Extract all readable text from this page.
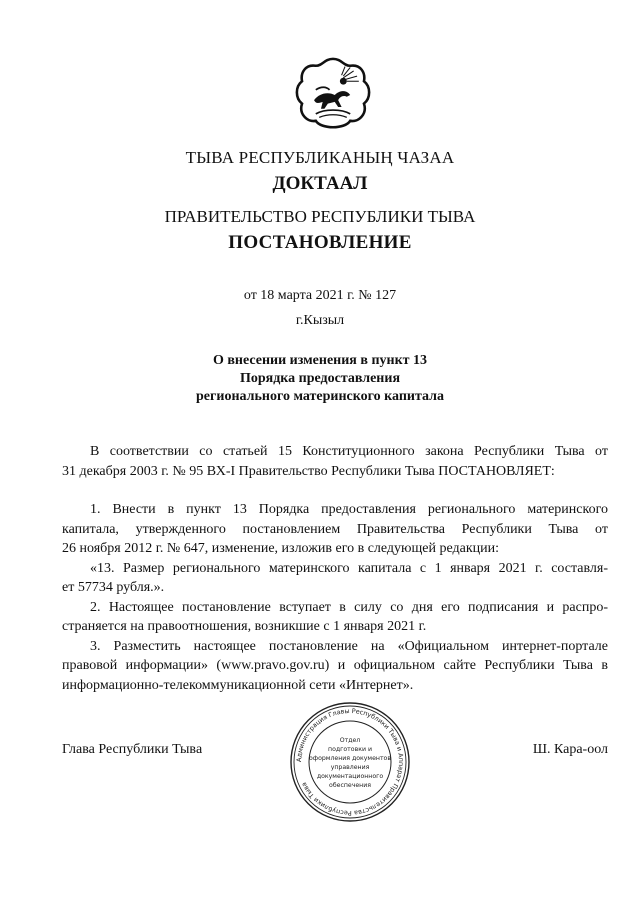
ТЫВА РЕСПУБЛИКАНЫҢ ЧАЗАА
ДОКТААЛ
ПРАВИТЕЛЬСТВО РЕСПУБЛИКИ ТЫВА
ПОСТАНОВЛЕНИЕ
от 18 марта 2021 г. № 127
г.Кызыл
О внесении изменения в пункт 13
Порядка предоставления
регионального материнского капитала
В соответствии со статьей 15 Конституционного закона Республики Тыва от
31 декабря 2003 г. № 95 ВХ-I Правительство Республики Тыва ПОСТАНОВЛЯЕТ:
1. Внести в пункт 13 Порядка предоставления регионального материнского
капитала, утвержденного постановлением Правительства Республики Тыва от
26 ноября 2012 г. № 647, изменение, изложив его в следующей редакции:
«13. Размер регионального материнского капитала с 1 января 2021 г. составля-
ет 57734 рубля.».
2. Настоящее постановление вступает в силу со дня его подписания и распро-
страняется на правоотношения, возникшие с 1 января 2021 г.
3. Разместить настоящее постановление на «Официальном интернет-портале
правовой информации» (www.pravo.gov.ru) и официальном сайте Республики Тыва в
информационно-телекоммуникационной сети «Интернет».
Глава Республики Тывa	Ш. Кара-оол
Администрация Главы Республики Тыва и Аппарат Правительства Республики Тыва
Отдел
подготовки и
оформления документов
управления
документационного
обеспечения
